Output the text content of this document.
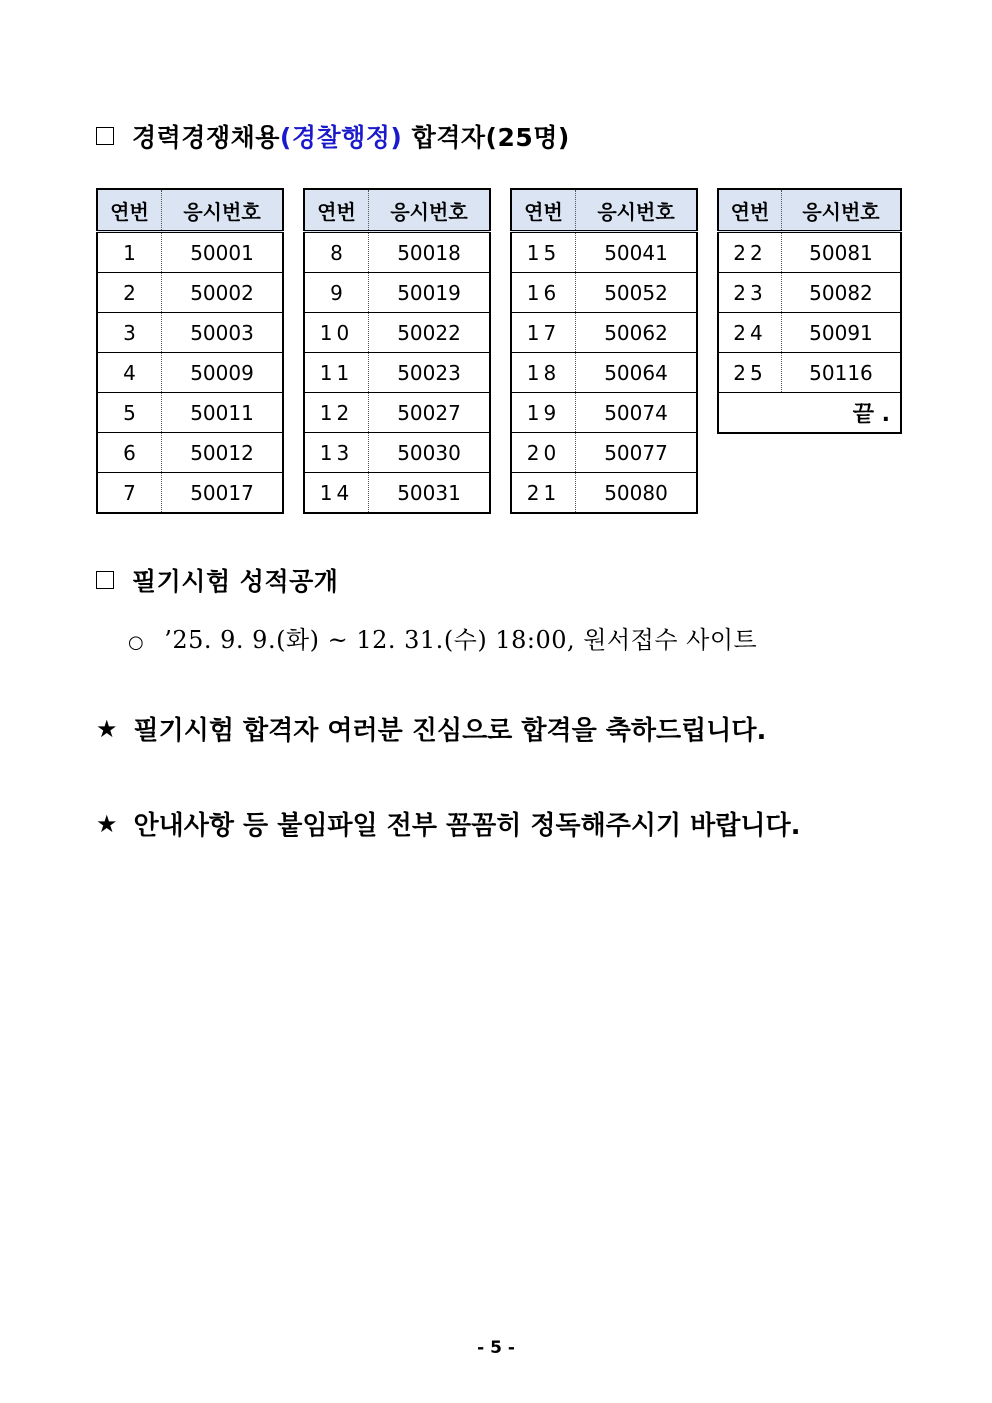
경력경쟁채용 (경찰행정) 합격자(25명)
연번	응시번호
1	50001
2	50002
3	50003
4	50009
5	50011
6	50012
7	50017
연번	응시번호
8	50018
9	50019
10	50022
11	50023
12	50027
13	50030
14	50031
연번	응시번호
15	50041
16	50052
17	50062
18	50064
19	50074
20	50077
21	50080
연번	응시번호
22	50081
23	50082
24	50091
25	50116
끝 .	
필기시험 성적공개
○ ’25. 9. 9.(화) ~ 12. 31.(수) 18:00, 원서접수 사이트
★ 필기시험 합격자 여러분 진심으로 합격을 축하드립니다.
★ 안내사항 등 붙임파일 전부 꼼꼼히 정독해주시기 바랍니다.
- 5 -
